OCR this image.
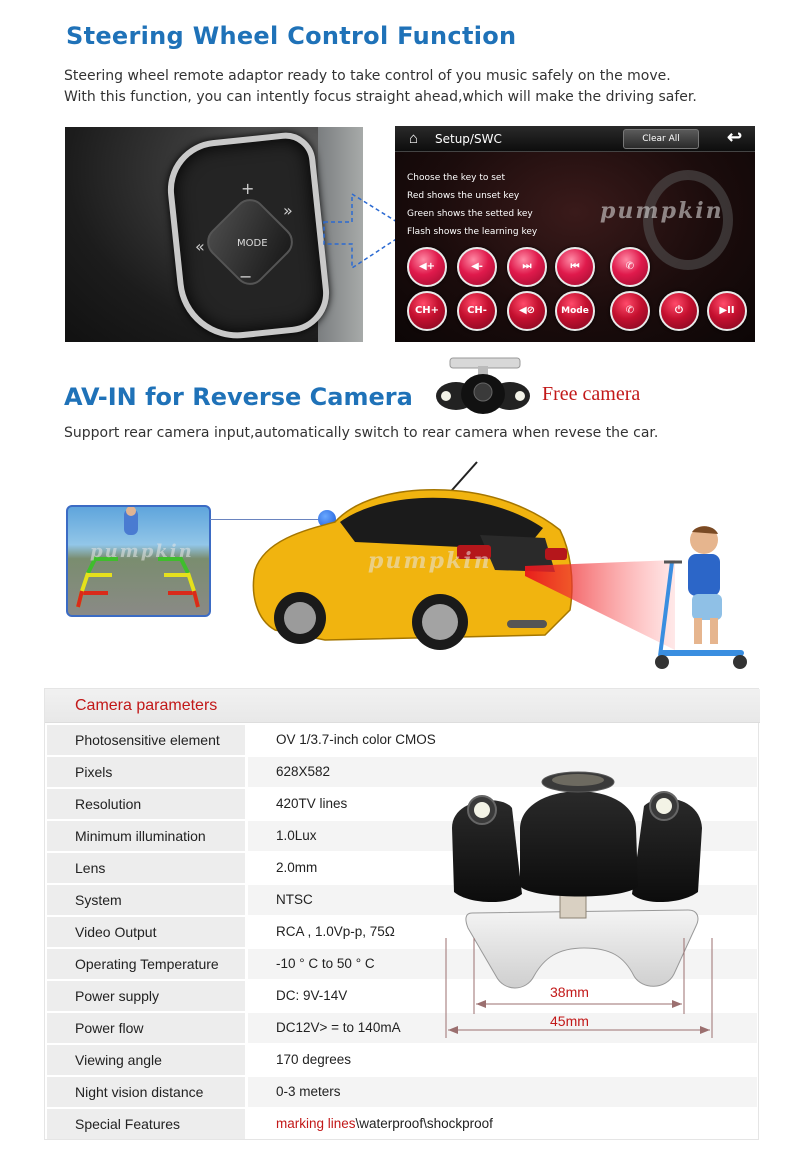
Steering Wheel Control Function
Steering wheel remote adaptor ready to take control of you music safely on the move.
With this function, you can intently focus straight ahead,which will make the driving safer.
MODE
+
−
«
»
⌂ Setup/SWC	Clear All	↩
Choose the key to set
Red shows the unset key
Green shows the setted key
Flash shows the learning key
pumpkin
◀+	◀-	⏭	⏮	✆
CH+	CH-	◀⊘	Mode	✆	⏻	▶II
AV-IN for Reverse Camera	Free camera
Support rear camera input,automatically switch to rear camera when revese the car.
pumpkin	pumpkin
Camera parameters
Photosensitive element	OV 1/3.7-inch color CMOS
Pixels	628X582
Resolution	420TV lines
Minimum illumination	1.0Lux
Lens	2.0mm
System	NTSC
Video Output	RCA , 1.0Vp-p, 75Ω
Operating Temperature	-10 ° C to 50 ° C
Power supply	DC: 9V-14V
Power flow	DC12V> = to 140mA
Viewing angle	170 degrees
Night vision distance	0-3 meters
Special Features	marking lines\waterproof\shockproof
38mm
45mm
